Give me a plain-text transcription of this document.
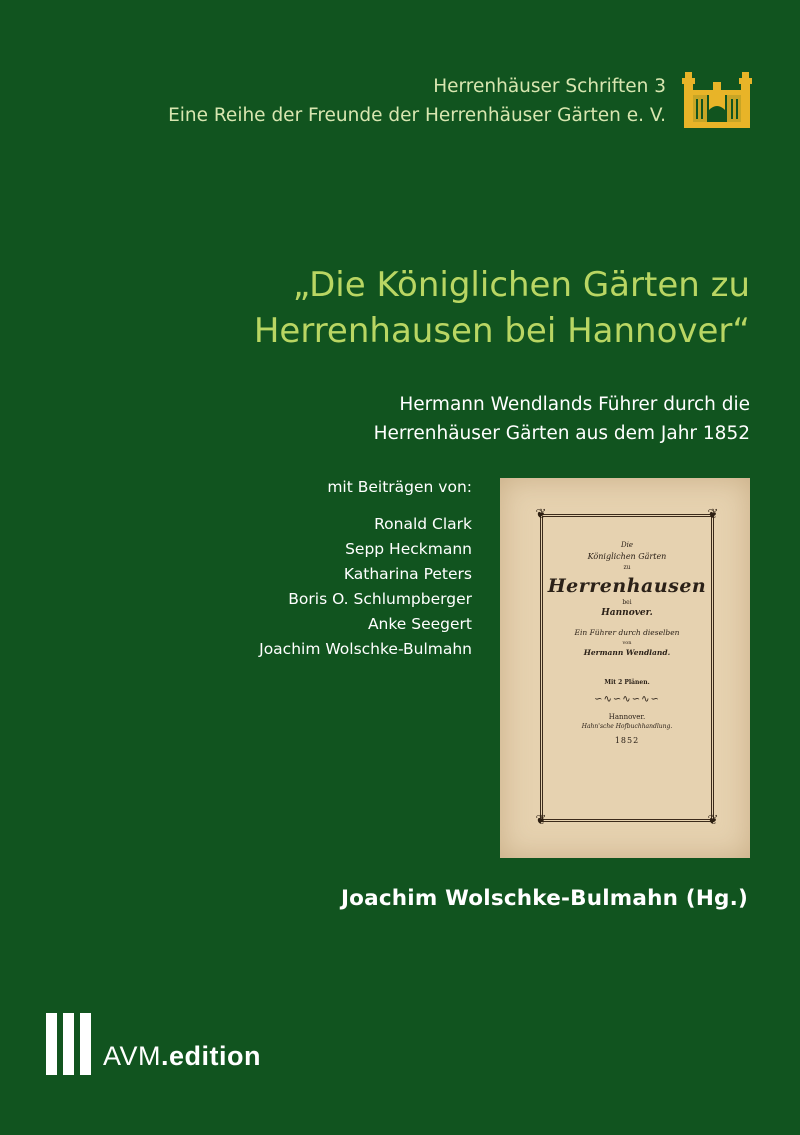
Herrenhäuser Schriften 3
Eine Reihe der Freunde der Herrenhäuser Gärten e. V.
„Die Königlichen Gärten zu
Herrenhausen bei Hannover“
Hermann Wendlands Führer durch die
Herrenhäuser Gärten aus dem Jahr 1852
mit Beiträgen von:
Ronald Clark
Sepp Heckmann
Katharina Peters
Boris O. Schlumpberger
Anke Seegert
Joachim Wolschke-Bulmahn
❦	❦
❦	❦
Die
Königlichen Gärten
zu
Herrenhausen
bei
Hannover.
Ein Führer durch dieselben
von
Hermann Wendland.
Mit 2 Plänen.
∽∿∽∿∽∿∽
Hannover.
Hahn'sche Hofbuchhandlung.
1852
Joachim Wolschke-Bulmahn (Hg.)
AVM.edition
